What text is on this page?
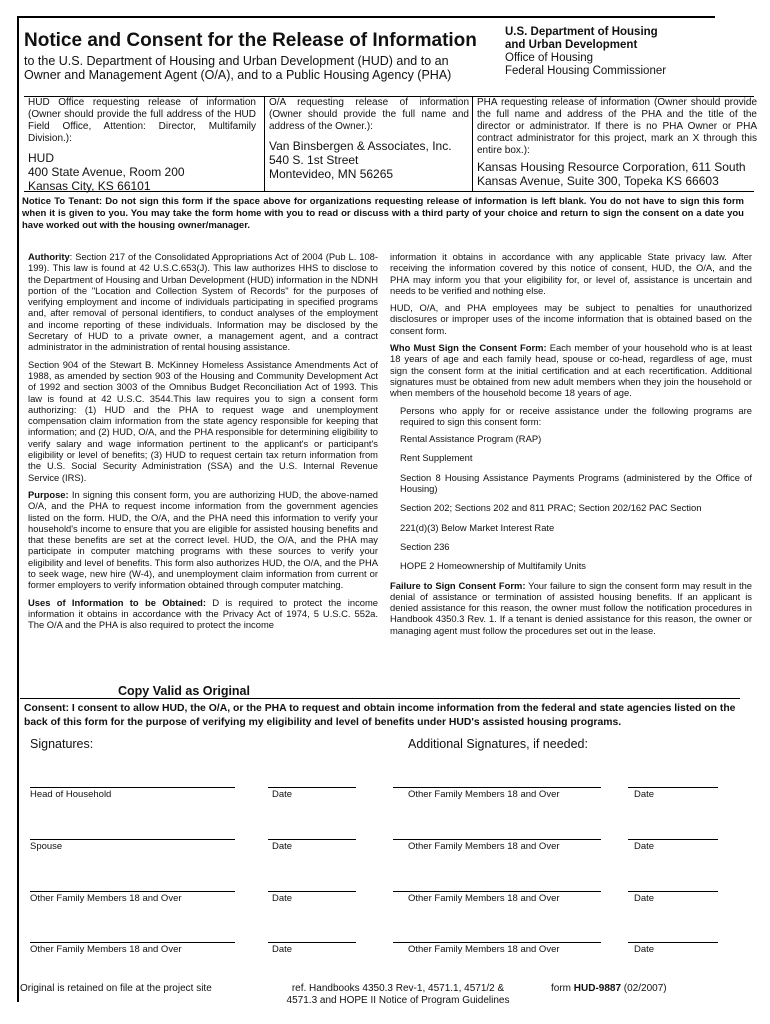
Notice and Consent for the Release of Information
to the U.S. Department of Housing and Urban Development (HUD) and to an Owner and Management Agent (O/A), and to a Public Housing Agency (PHA)
U.S. Department of Housing
and Urban Development
Office of Housing
Federal Housing Commissioner
HUD Office requesting release of information (Owner should provide the full address of the HUD Field Office, Attention: Director, Multifamily Division.):
HUD
400 State Avenue, Room 200
Kansas City, KS 66101
O/A requesting release of information (Owner should provide the full name and address of the Owner.):
Van Binsbergen & Associates, Inc.
540 S. 1st Street
Montevideo, MN 56265
PHA requesting release of information (Owner should provide the full name and address of the PHA and the title of the director or administrator. If there is no PHA Owner or PHA contract administrator for this project, mark an X through this entire box.):
Kansas Housing Resource Corporation, 611 South
Kansas Avenue, Suite 300, Topeka KS 66603
Notice To Tenant: Do not sign this form if the space above for organizations requesting release of information is left blank. You do not have to sign this form when it is given to you. You may take the form home with you to read or discuss with a third party of your choice and return to sign the consent on a date you have worked out with the housing owner/manager.

Authority: Section 217 of the Consolidated Appropriations Act of 2004 (Pub L. 108-199). This law is found at 42 U.S.C.653(J). This law authorizes HHS to disclose to the Department of Housing and Urban Development (HUD) information in the NDNH portion of the "Location and Collection System of Records" for the purposes of verifying employment and income of individuals participating in specified programs and, after removal of personal identifiers, to conduct analyses of the employment and income reporting of these individuals. Information may be disclosed by the Secretary of HUD to a private owner, a management agent, and a contract administrator in the administration of rental housing assistance.

Section 904 of the Stewart B. McKinney Homeless Assistance Amendments Act of 1988, as amended by section 903 of the Housing and Community Development Act of 1992 and section 3003 of the Omnibus Budget Reconciliation Act of 1993. This law is found at 42 U.S.C. 3544.This law requires you to sign a consent form authorizing: (1) HUD and the PHA to request wage and unemployment compensation claim information from the state agency responsible for keeping that information; and (2) HUD, O/A, and the PHA responsible for determining eligibility to verify salary and wage information pertinent to the applicant's or participant's eligibility or level of benefits; (3) HUD to request certain tax return information from the U.S. Social Security Administration (SSA) and the U.S. Internal Revenue Service (IRS).

Purpose: In signing this consent form, you are authorizing HUD, the above-named O/A, and the PHA to request income information from the government agencies listed on the form. HUD, the O/A, and the PHA need this information to verify your household's income to ensure that you are eligible for assisted housing benefits and that these benefits are set at the correct level. HUD, the O/A, and the PHA may participate in computer matching programs with these sources to verify your eligibility and level of benefits. This form also authorizes HUD, the O/A, and the PHA to seek wage, new hire (W-4), and unemployment claim information from current or former employers to verify information obtained through computer matching.

Uses of Information to be Obtained: D is required to protect the income information it obtains in accordance with the Privacy Act of 1974, 5 U.S.C. 552a. The O/A and the PHA is also required to protect the income

information it obtains in accordance with any applicable State privacy law. After receiving the information covered by this notice of consent, HUD, the O/A, and the PHA may inform you that your eligibility for, or level of, assistance is uncertain and needs to be verified and nothing else.

HUD, O/A, and PHA employees may be subject to penalties for unauthorized disclosures or improper uses of the income information that is obtained based on the consent form.

Who Must Sign the Consent Form: Each member of your household who is at least 18 years of age and each family head, spouse or co-head, regardless of age, must sign the consent form at the initial certification and at each recertification. Additional signatures must be obtained from new adult members when they join the household or when members of the household become 18 years of age.

Persons who apply for or receive assistance under the following programs are required to sign this consent form:

Rental Assistance Program (RAP)
Rent Supplement
Section 8 Housing Assistance Payments Programs (administered by the Office of Housing)
Section 202; Sections 202 and 811 PRAC; Section 202/162 PAC Section
221(d)(3) Below Market Interest Rate
Section 236
HOPE 2 Homeownership of Multifamily Units

Failure to Sign Consent Form: Your failure to sign the consent form may result in the denial of assistance or termination of assisted housing benefits. If an applicant is denied assistance for this reason, the owner must follow the notification procedures in Handbook 4350.3 Rev. 1. If a tenant is denied assistance for this reason, the owner or managing agent must follow the procedures set out in the lease.

Copy Valid as Original
Consent: I consent to allow HUD, the O/A, or the PHA to request and obtain income information from the federal and state agencies listed on the back of this form for the purpose of verifying my eligibility and level of benefits under HUD's assisted housing programs.
Signatures:	Additional Signatures, if needed:
Head of Household	Date	Other Family Members 18 and Over	Date
Spouse	Date	Other Family Members 18 and Over	Date
Other Family Members 18 and Over	Date	Other Family Members 18 and Over	Date
Other Family Members 18 and Over	Date	Other Family Members 18 and Over	Date
Original is retained on file at the project site	ref. Handbooks 4350.3 Rev-1, 4571.1, 4571/2 &
4571.3 and HOPE II Notice of Program Guidelines
form HUD-9887 (02/2007)
